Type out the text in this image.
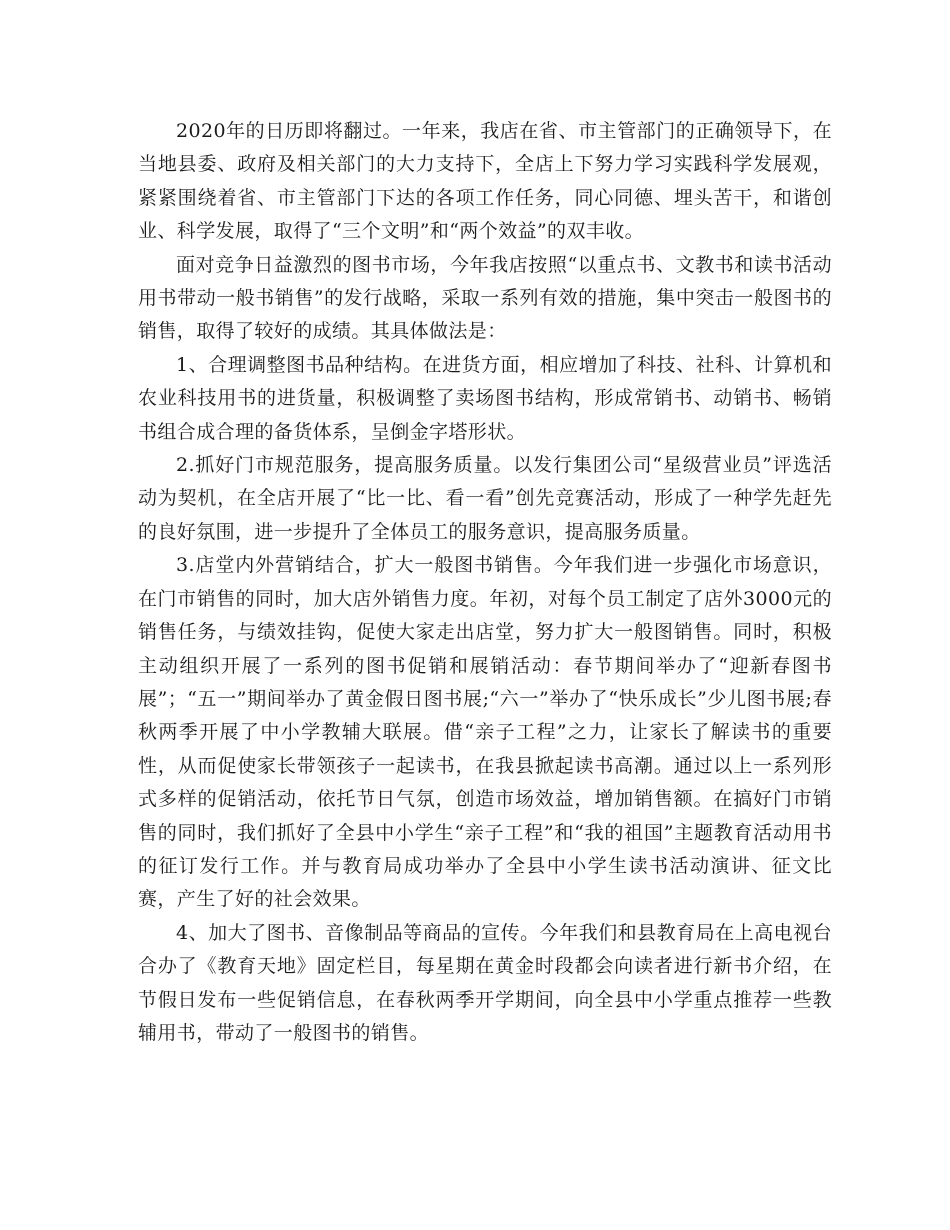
2020年的日历即将翻过。一年来，我店在省、市主管部门的正确领导下，在当地县委、政府及相关部门的大力支持下，全店上下努力学习实践科学发展观，紧紧围绕着省、市主管部门下达的各项工作任务，同心同德、埋头苦干，和谐创业、科学发展，取得了“三个文明”和“两个效益”的双丰收。

面对竞争日益激烈的图书市场，今年我店按照“以重点书、文教书和读书活动用书带动一般书销售”的发行战略，采取一系列有效的措施，集中突击一般图书的销售，取得了较好的成绩。其具体做法是：

1、合理调整图书品种结构。在进货方面，相应增加了科技、社科、计算机和农业科技用书的进货量，积极调整了卖场图书结构，形成常销书、动销书、畅销书组合成合理的备货体系，呈倒金字塔形状。

2.抓好门市规范服务，提高服务质量。以发行集团公司“星级营业员”评选活动为契机，在全店开展了“比一比、看一看”创先竞赛活动，形成了一种学先赶先的良好氛围，进一步提升了全体员工的服务意识，提高服务质量。

3.店堂内外营销结合，扩大一般图书销售。今年我们进一步强化市场意识，在门市销售的同时，加大店外销售力度。年初，对每个员工制定了店外3000元的销售任务，与绩效挂钩，促使大家走出店堂，努力扩大一般图销售。同时，积极主动组织开展了一系列的图书促销和展销活动：春节期间举办了“迎新春图书展”；“五一”期间举办了黄金假日图书展;“六一”举办了“快乐成长”少儿图书展;春秋两季开展了中小学教辅大联展。借“亲子工程”之力，让家长了解读书的重要性，从而促使家长带领孩子一起读书，在我县掀起读书高潮。通过以上一系列形式多样的促销活动，依托节日气氛，创造市场效益，增加销售额。在搞好门市销售的同时，我们抓好了全县中小学生“亲子工程”和“我的祖国”主题教育活动用书的征订发行工作。并与教育局成功举办了全县中小学生读书活动演讲、征文比赛，产生了好的社会效果。

4、加大了图书、音像制品等商品的宣传。今年我们和县教育局在上高电视台合办了《教育天地》固定栏目，每星期在黄金时段都会向读者进行新书介绍，在节假日发布一些促销信息，在春秋两季开学期间，向全县中小学重点推荐一些教辅用书，带动了一般图书的销售。
